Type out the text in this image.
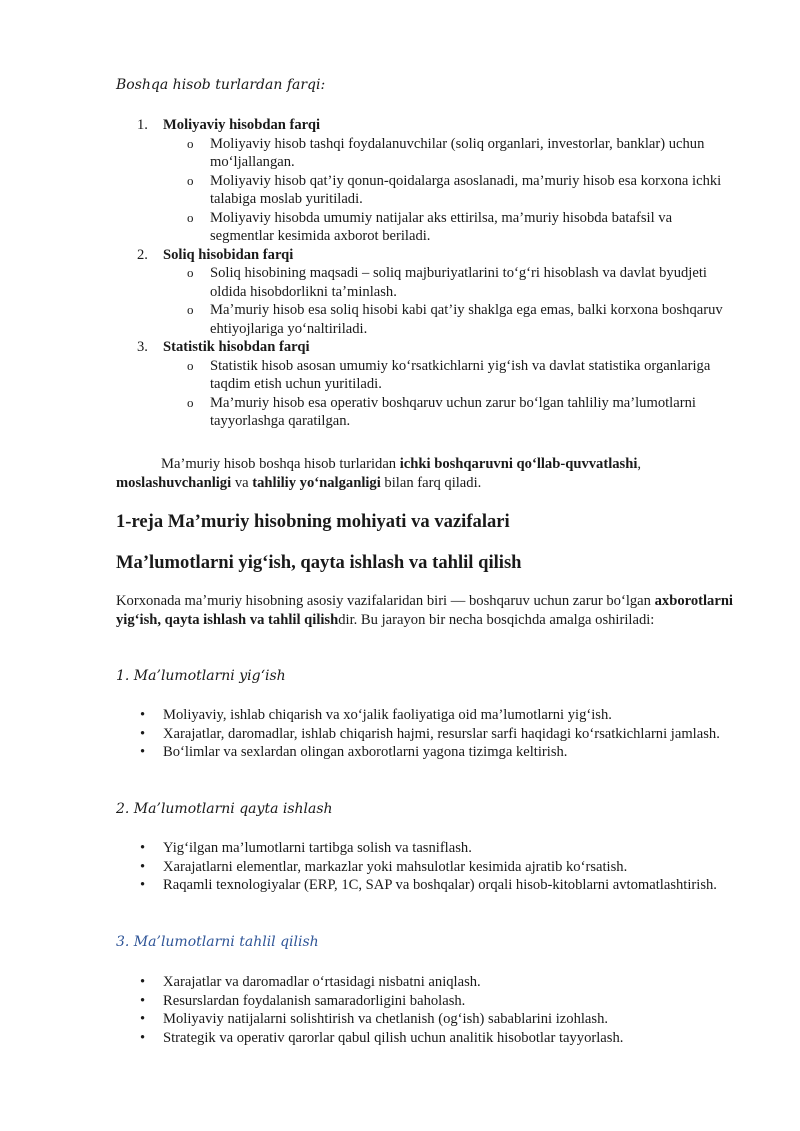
Boshqa hisob turlardan farqi:
1. Moliyaviy hisobdan farqi
o Moliyaviy hisob tashqi foydalanuvchilar (soliq organlari, investorlar, banklar) uchun mo‘ljallangan.
o Moliyaviy hisob qat’iy qonun-qoidalarga asoslanadi, ma’muriy hisob esa korxona ichki talabiga moslab yuritiladi.
o Moliyaviy hisobda umumiy natijalar aks ettirilsa, ma’muriy hisobda batafsil va segmentlar kesimida axborot beriladi.
2. Soliq hisobidan farqi
o Soliq hisobining maqsadi – soliq majburiyatlarini to‘g‘ri hisoblash va davlat byudjeti oldida hisobdorlikni taʼminlash.
o Maʼmuriy hisob esa soliq hisobi kabi qat’iy shaklga ega emas, balki korxona boshqaruv ehtiyojlariga yo‘naltiriladi.
3. Statistik hisobdan farqi
o Statistik hisob asosan umumiy ko‘rsatkichlarni yig‘ish va davlat statistika organlariga taqdim etish uchun yuritiladi.
o Ma’muriy hisob esa operativ boshqaruv uchun zarur bo‘lgan tahliliy ma’lumotlarni tayyorlashga qaratilgan.

Ma’muriy hisob boshqa hisob turlaridan ichki boshqaruvni qo‘llab-quvvatlashi, moslashuvchanligi va tahliliy yo‘nalganligi bilan farq qiladi.

1-reja Ma’muriy hisobning mohiyati va vazifalari
Ma’lumotlarni yig‘ish, qayta ishlash va tahlil qilish

Korxonada maʼmuriy hisobning asosiy vazifalaridan biri — boshqaruv uchun zarur boʻlgan axborotlarni yigʻish, qayta ishlash va tahlil qilishdir. Bu jarayon bir necha bosqichda amalga oshiriladi:

1. Ma’lumotlarni yig‘ish
• Moliyaviy, ishlab chiqarish va xo‘jalik faoliyatiga oid ma’lumotlarni yig‘ish.
• Xarajatlar, daromadlar, ishlab chiqarish hajmi, resurslar sarfi haqidagi ko‘rsatkichlarni jamlash.
• Bo‘limlar va sexlardan olingan axborotlarni yagona tizimga keltirish.
2. Ma’lumotlarni qayta ishlash
• Yig‘ilgan ma’lumotlarni tartibga solish va tasniflash.
• Xarajatlarni elementlar, markazlar yoki mahsulotlar kesimida ajratib ko‘rsatish.
• Raqamli texnologiyalar (ERP, 1C, SAP va boshqalar) orqali hisob-kitoblarni avtomatlashtirish.
3. Ma’lumotlarni tahlil qilish
• Xarajatlar va daromadlar o‘rtasidagi nisbatni aniqlash.
• Resurslardan foydalanish samaradorligini baholash.
• Moliyaviy natijalarni solishtirish va chetlanish (og‘ish) sabablarini izohlash.
• Strategik va operativ qarorlar qabul qilish uchun analitik hisobotlar tayyorlash.
